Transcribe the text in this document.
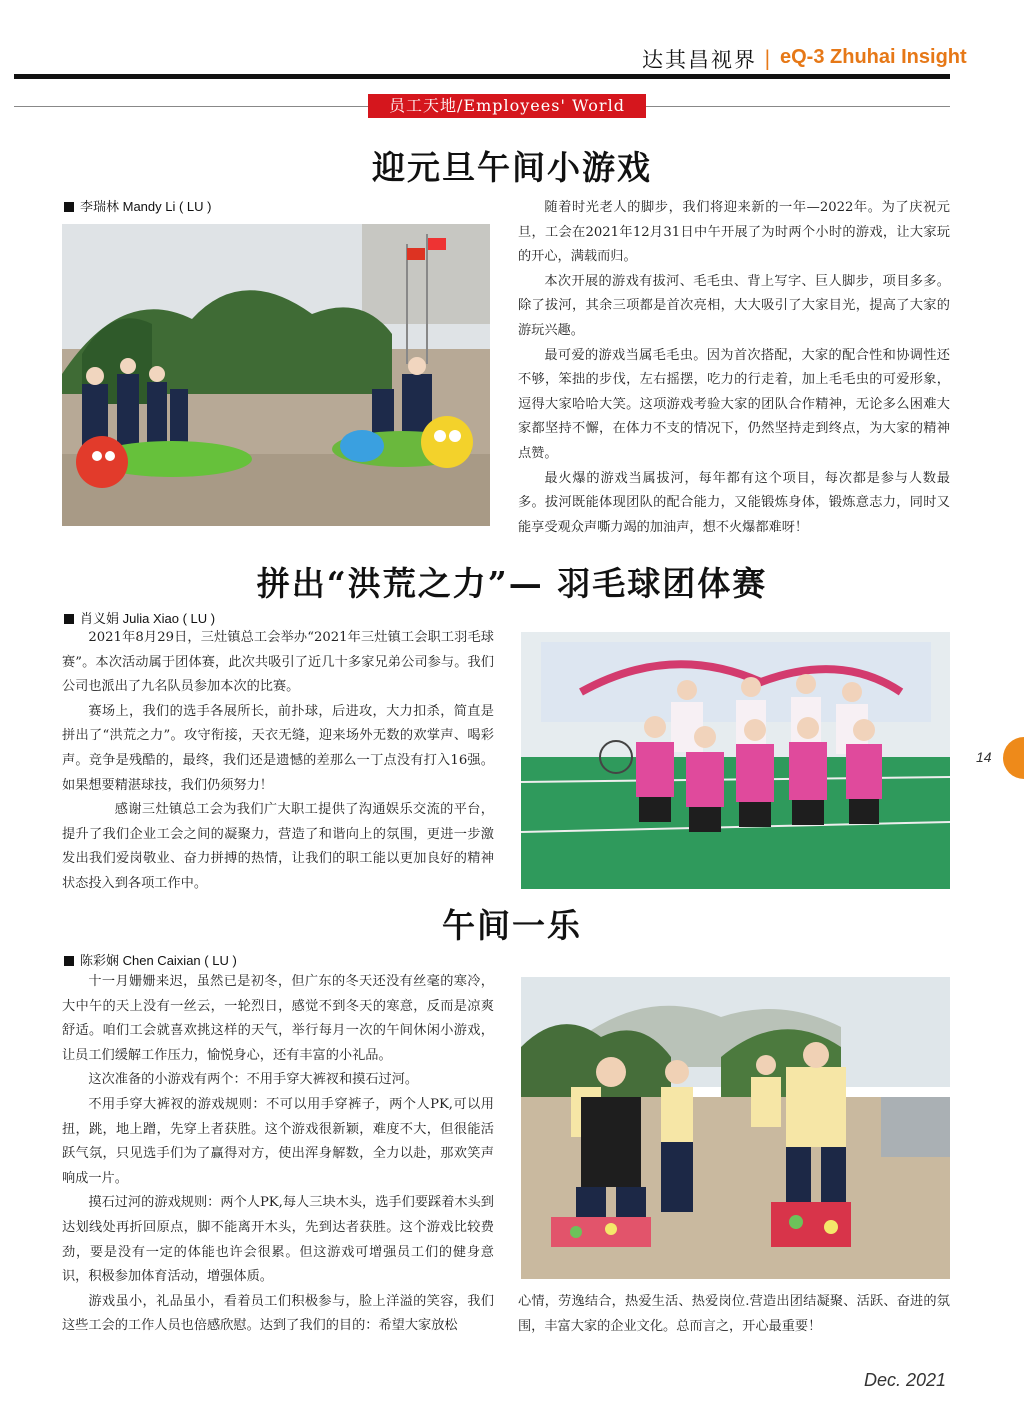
达其昌视界 | eQ-3 Zhuhai Insight
员工天地/Employees' World
迎元旦午间小游戏
李瑞林 Mandy Li ( LU )	随着时光老人的脚步，我们将迎来新的一年—2022年。为了庆祝元旦，工会在2021年12月31日中午开展了为时两个小时的游戏，让大家玩的开心，满载而归。

本次开展的游戏有拔河、毛毛虫、背上写字、巨人脚步，项目多多。除了拔河，其余三项都是首次亮相，大大吸引了大家目光，提高了大家的游玩兴趣。

最可爱的游戏当属毛毛虫。因为首次搭配，大家的配合性和协调性还不够，笨拙的步伐，左右摇摆，吃力的行走着，加上毛毛虫的可爱形象，逗得大家哈哈大笑。这项游戏考验大家的团队合作精神，无论多么困难大家都坚持不懈，在体力不支的情况下，仍然坚持走到终点，为大家的精神点赞。

最火爆的游戏当属拔河，每年都有这个项目，每次都是参与人数最多。拔河既能体现团队的配合能力，又能锻炼身体，锻炼意志力，同时又能享受观众声嘶力竭的加油声，想不火爆都难呀！

拼出“洪荒之力”— 羽毛球团体赛
肖义娟 Julia Xiao ( LU )

2021年8月29日，三灶镇总工会举办“2021年三灶镇工会职工羽毛球赛”。本次活动属于团体赛，此次共吸引了近几十多家兄弟公司参与。我们公司也派出了九名队员参加本次的比赛。

赛场上，我们的选手各展所长，前扑球，后进攻，大力扣杀，简直是拼出了“洪荒之力”。攻守衔接，天衣无缝，迎来场外无数的欢掌声、喝彩声。竞争是残酷的，最终，我们还是遗憾的差那么一丁点没有打入16强。如果想要精湛球技，我们仍须努力！

感谢三灶镇总工会为我们广大职工提供了沟通娱乐交流的平台，提升了我们企业工会之间的凝聚力，营造了和谐向上的氛围，更进一步激发出我们爱岗敬业、奋力拼搏的热情，让我们的职工能以更加良好的精神状态投入到各项工作中。

午间一乐
陈彩娴 Chen Caixian ( LU )

十一月姗姗来迟，虽然已是初冬，但广东的冬天还没有丝毫的寒冷，大中午的天上没有一丝云，一轮烈日，感觉不到冬天的寒意，反而是凉爽舒适。咱们工会就喜欢挑这样的天气，举行每月一次的午间休闲小游戏，让员工们缓解工作压力，愉悦身心，还有丰富的小礼品。

这次准备的小游戏有两个：不用手穿大裤衩和摸石过河。

不用手穿大裤衩的游戏规则：不可以用手穿裤子，两个人PK,可以用扭，跳，地上蹭，先穿上者获胜。这个游戏很新颖，难度不大，但很能活跃气氛，只见选手们为了赢得对方，使出浑身解数，全力以赴，那欢笑声响成一片。

摸石过河的游戏规则：两个人PK,每人三块木头，选手们要踩着木头到达划线处再折回原点，脚不能离开木头，先到达者获胜。这个游戏比较费劲，要是没有一定的体能也许会很累。但这游戏可增强员工们的健身意识，积极参加体育活动，增强体质。

游戏虽小，礼品虽小，看着员工们积极参与，脸上洋溢的笑容，我们这些工会的工作人员也倍感欣慰。达到了我们的目的：希望大家放松

心情，劳逸结合，热爱生活、热爱岗位.营造出团结凝聚、活跃、奋进的氛围，丰富大家的企业文化。总而言之，开心最重要！

14
Dec. 2021
